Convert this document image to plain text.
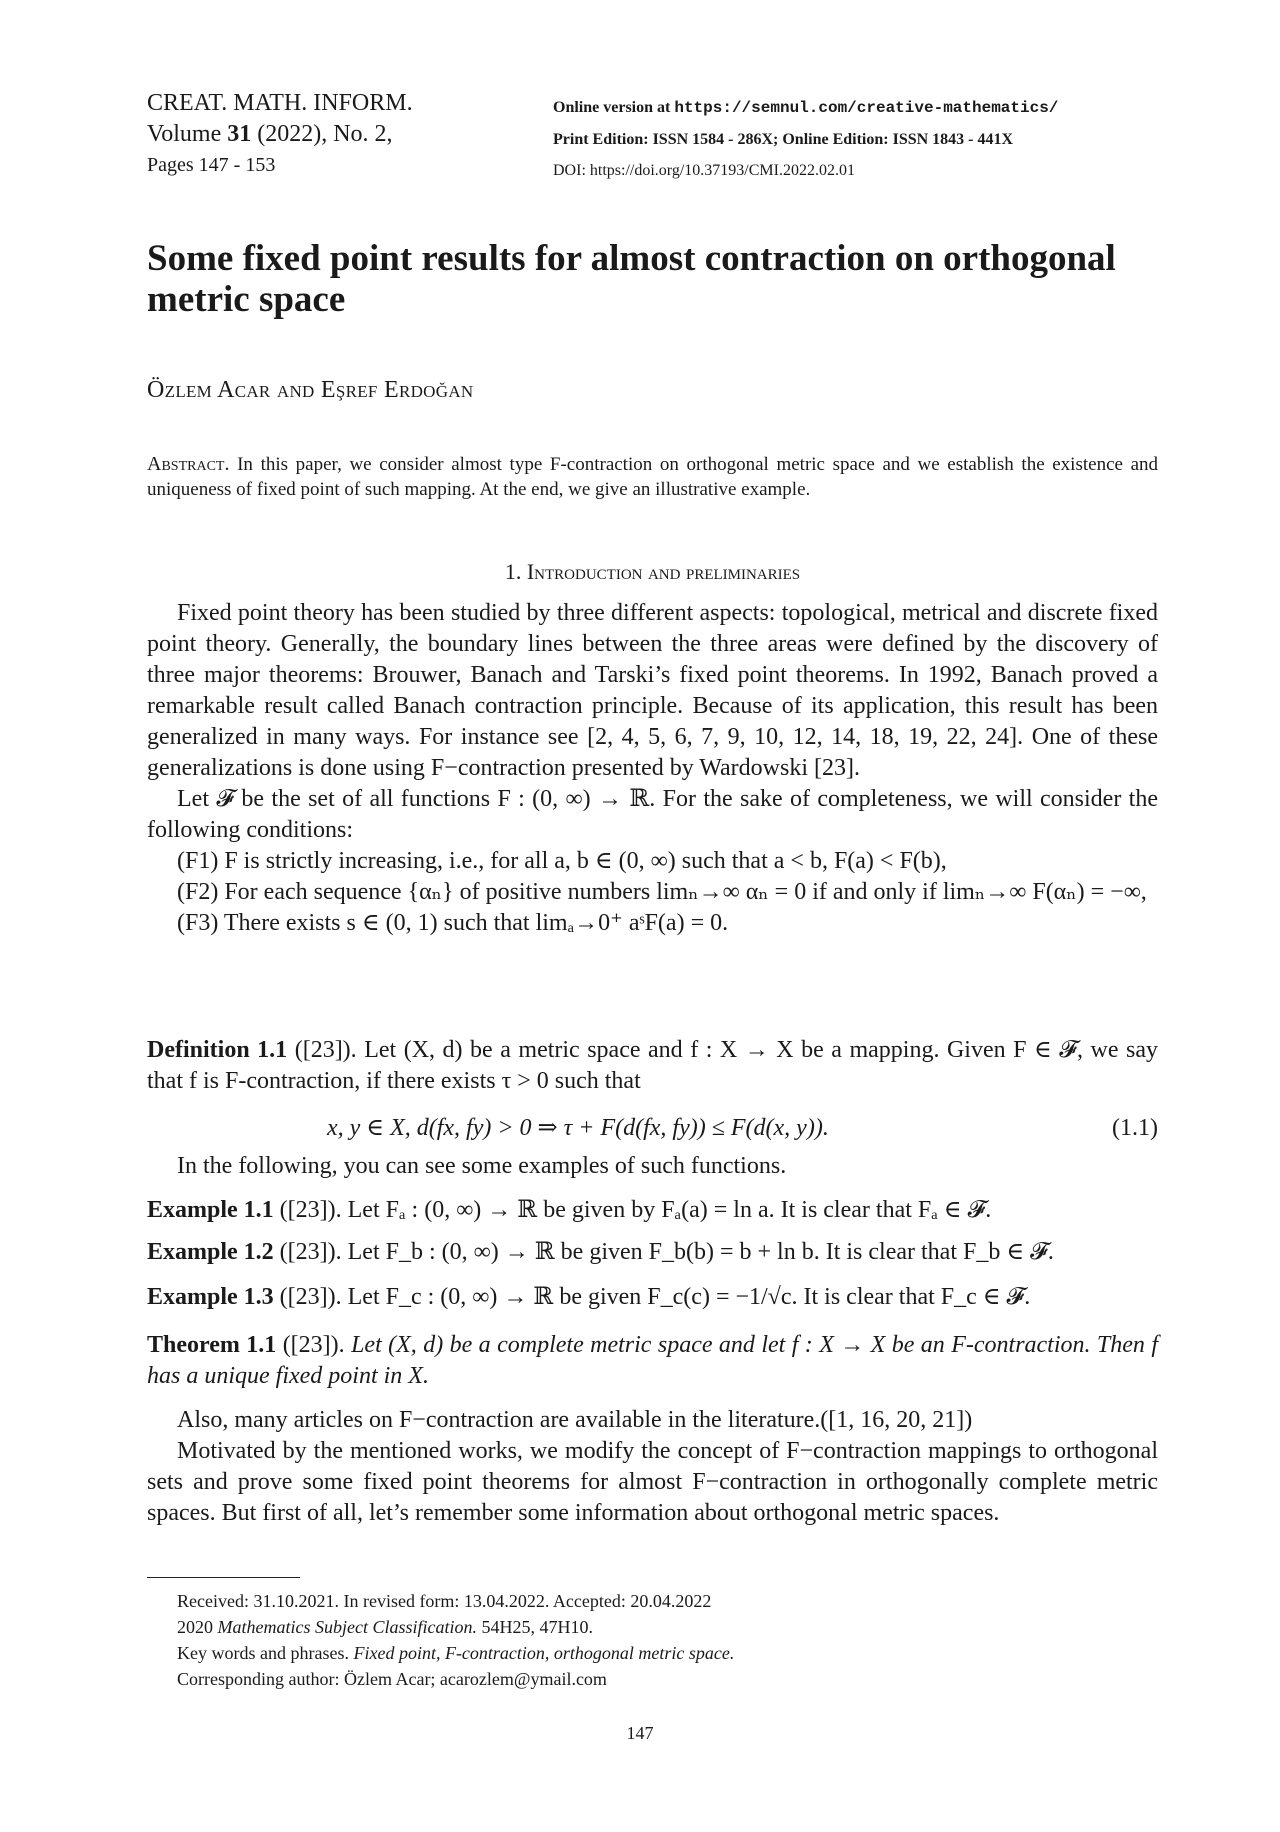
CREAT. MATH. INFORM.
Volume 31 (2022), No. 2,
Pages 147 - 153
Online version at https://semnul.com/creative-mathematics/
Print Edition: ISSN 1584 - 286X; Online Edition: ISSN 1843 - 441X
DOI: https://doi.org/10.37193/CMI.2022.02.01
Some fixed point results for almost contraction on orthogonal metric space
Özlem Acar and Eşref Erdoğan
Abstract. In this paper, we consider almost type F-contraction on orthogonal metric space and we establish the existence and uniqueness of fixed point of such mapping. At the end, we give an illustrative example.
1. Introduction and preliminaries

Fixed point theory has been studied by three different aspects: topological, metrical and discrete fixed point theory. Generally, the boundary lines between the three areas were defined by the discovery of three major theorems: Brouwer, Banach and Tarski’s fixed point theorems. In 1992, Banach proved a remarkable result called Banach contraction principle. Because of its application, this result has been generalized in many ways. For instance see [2, 4, 5, 6, 7, 9, 10, 12, 14, 18, 19, 22, 24]. One of these generalizations is done using F−contraction presented by Wardowski [23].

Let 𝓕 be the set of all functions F : (0, ∞) → ℝ. For the sake of completeness, we will consider the following conditions:

(F1) F is strictly increasing, i.e., for all a, b ∈ (0, ∞) such that a < b, F(a) < F(b),

(F2) For each sequence {αₙ} of positive numbers limₙ→∞ αₙ = 0 if and only if limₙ→∞ F(αₙ) = −∞,

(F3) There exists s ∈ (0, 1) such that limₐ→0⁺ aˢF(a) = 0.

Definition 1.1 ([23]). Let (X, d) be a metric space and f : X → X be a mapping. Given F ∈ 𝓕, we say that f is F-contraction, if there exists τ > 0 such that

x, y ∈ X, d(fx, fy) > 0 ⇒ τ + F(d(fx, fy)) ≤ F(d(x, y)).	(1.1)

In the following, you can see some examples of such functions.

Example 1.1 ([23]). Let Fₐ : (0, ∞) → ℝ be given by Fₐ(a) = ln a. It is clear that Fₐ ∈ 𝓕.

Example 1.2 ([23]). Let F_b : (0, ∞) → ℝ be given F_b(b) = b + ln b. It is clear that F_b ∈ 𝓕.

Example 1.3 ([23]). Let F_c : (0, ∞) → ℝ be given F_c(c) = −1/√c. It is clear that F_c ∈ 𝓕.

Theorem 1.1 ([23]). Let (X, d) be a complete metric space and let f : X → X be an F-contraction. Then f has a unique fixed point in X.

Also, many articles on F−contraction are available in the literature.([1, 16, 20, 21])

Motivated by the mentioned works, we modify the concept of F−contraction mappings to orthogonal sets and prove some fixed point theorems for almost F−contraction in orthogonally complete metric spaces. But first of all, let’s remember some information about orthogonal metric spaces.

Received: 31.10.2021. In revised form: 13.04.2022. Accepted: 20.04.2022
2020 Mathematics Subject Classification. 54H25, 47H10.
Key words and phrases. Fixed point, F-contraction, orthogonal metric space.
Corresponding author: Özlem Acar; acarozlem@ymail.com
147
